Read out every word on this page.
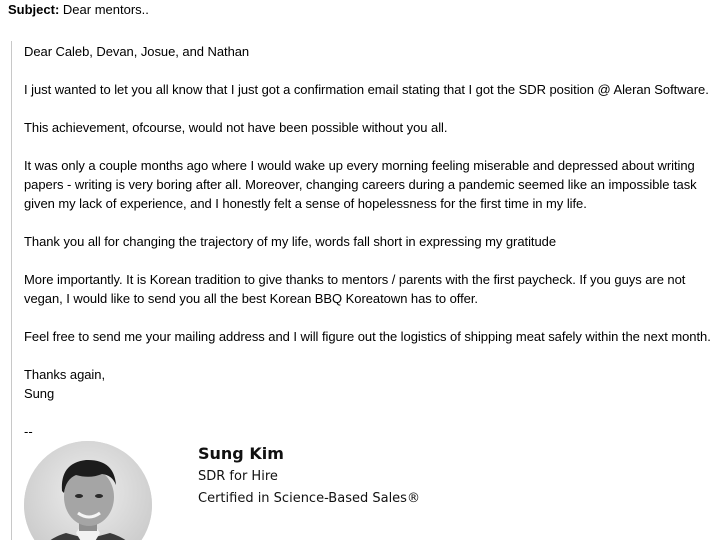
Subject: Dear mentors..

Dear Caleb, Devan, Josue, and Nathan

I just wanted to let you all know that I just got a confirmation email stating that I got the SDR position @ Aleran Software.

This achievement, ofcourse, would not have been possible without you all.

It was only a couple months ago where I would wake up every morning feeling miserable and depressed about writing

papers - writing is very boring after all. Moreover, changing careers during a pandemic seemed like an impossible task

given my lack of experience, and I honestly felt a sense of hopelessness for the first time in my life.

Thank you all for changing the trajectory of my life, words fall short in expressing my gratitude

More importantly. It is Korean tradition to give thanks to mentors / parents with the first paycheck. If you guys are not

vegan, I would like to send you all the best Korean BBQ Koreatown has to offer.

Feel free to send me your mailing address and I will figure out the logistics of shipping meat safely within the next month.

Thanks again,

Sung

--
Sung Kim
SDR for Hire
Certified in Science-Based Sales®
